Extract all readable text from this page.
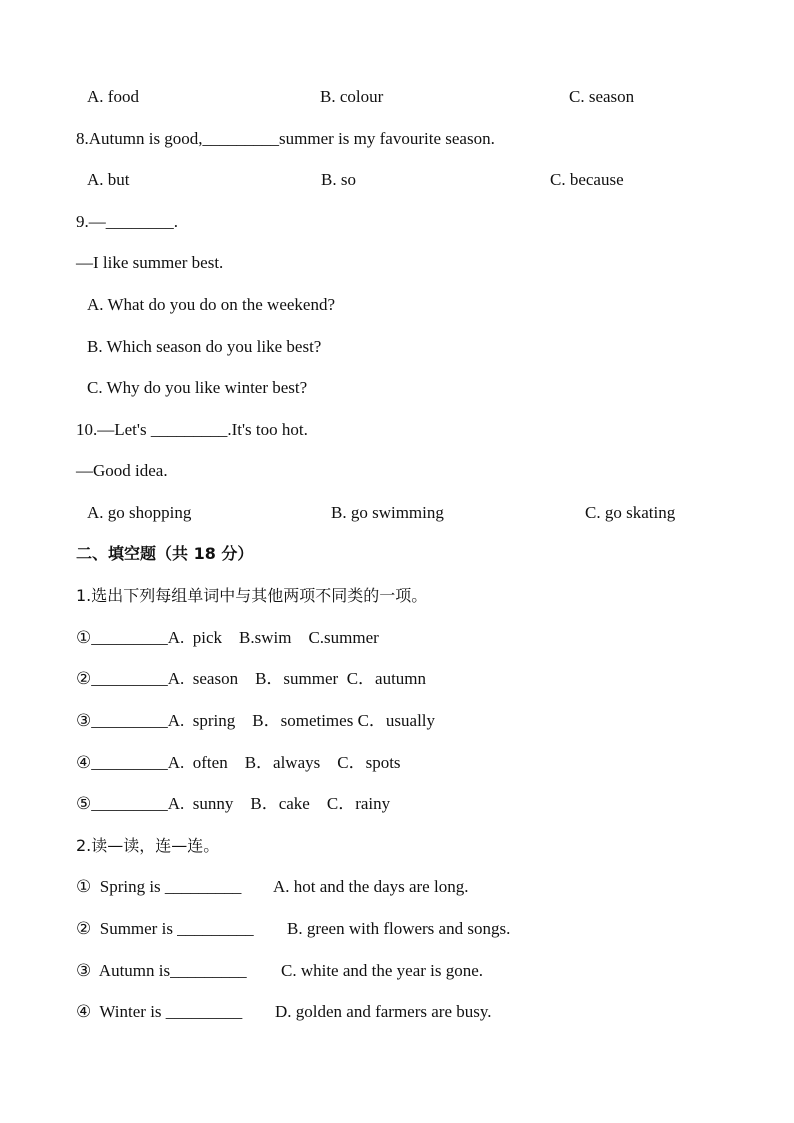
A. food	B. colour	C. season
8.Autumn is good,_________summer is my favourite season.
A. but	B. so	C. because
9.—________.
—I like summer best.
A. What do you do on the weekend?
B. Which season do you like best?
C. Why do you like winter best?
10.—Let's _________.It's too hot.
—Good idea.
A. go shopping	B. go swimming	C. go skating
二、填空题（共 18 分）
1.选出下列每组单词中与其他两项不同类的一项。
①_________A.  pick    B.swim    C.summer
②_________A.  season    B．summer  C．autumn
③_________A.  spring    B．sometimes C．usually
④_________A.  often    B．always    C．spots
⑤_________A.  sunny    B．cake    C．rainy
2.读—读，连—连。
①  Spring is _________ A. hot and the days are long.
②  Summer is _________ B. green with flowers and songs.
③  Autumn is_________ C. white and the year is gone.
④  Winter is _________ D. golden and farmers are busy.
